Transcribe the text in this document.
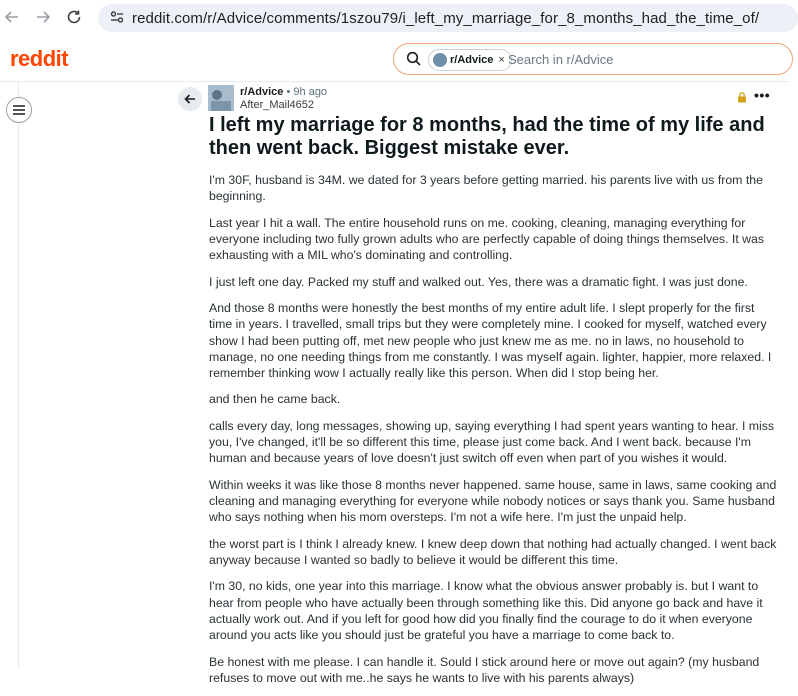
reddit.com/r/Advice/comments/1szou79/i_left_my_marriage_for_8_months_had_the_time_of/
reddit	r/Advice × Search in r/Advice
r/Advice • 9h ago
After_Mail4652
•••
I left my marriage for 8 months, had the time of my life and then went back. Biggest mistake ever.

I'm 30F, husband is 34M. we dated for 3 years before getting married. his parents live with us from the beginning.

Last year I hit a wall. The entire household runs on me. cooking, cleaning, managing everything for everyone including two fully grown adults who are perfectly capable of doing things themselves. It was exhausting with a MIL who's dominating and controlling.

I just left one day. Packed my stuff and walked out. Yes, there was a dramatic fight. I was just done.

And those 8 months were honestly the best months of my entire adult life. I slept properly for the first time in years. I travelled, small trips but they were completely mine. I cooked for myself, watched every show I had been putting off, met new people who just knew me as me. no in laws, no household to manage, no one needing things from me constantly. I was myself again. lighter, happier, more relaxed. I remember thinking wow I actually really like this person. When did I stop being her.

and then he came back.

calls every day, long messages, showing up, saying everything I had spent years wanting to hear. I miss you, I've changed, it'll be so different this time, please just come back. And I went back. because I'm human and because years of love doesn't just switch off even when part of you wishes it would.

Within weeks it was like those 8 months never happened. same house, same in laws, same cooking and cleaning and managing everything for everyone while nobody notices or says thank you. Same husband who says nothing when his mom oversteps. I'm not a wife here. I'm just the unpaid help.

the worst part is I think I already knew. I knew deep down that nothing had actually changed. I went back anyway because I wanted so badly to believe it would be different this time.

I'm 30, no kids, one year into this marriage. I know what the obvious answer probably is. but I want to hear from people who have actually been through something like this. Did anyone go back and have it actually work out. And if you left for good how did you finally find the courage to do it when everyone around you acts like you should just be grateful you have a marriage to come back to.

Be honest with me please. I can handle it. Sould I stick around here or move out again? (my husband refuses to move out with me..he says he wants to live with his parents always)
